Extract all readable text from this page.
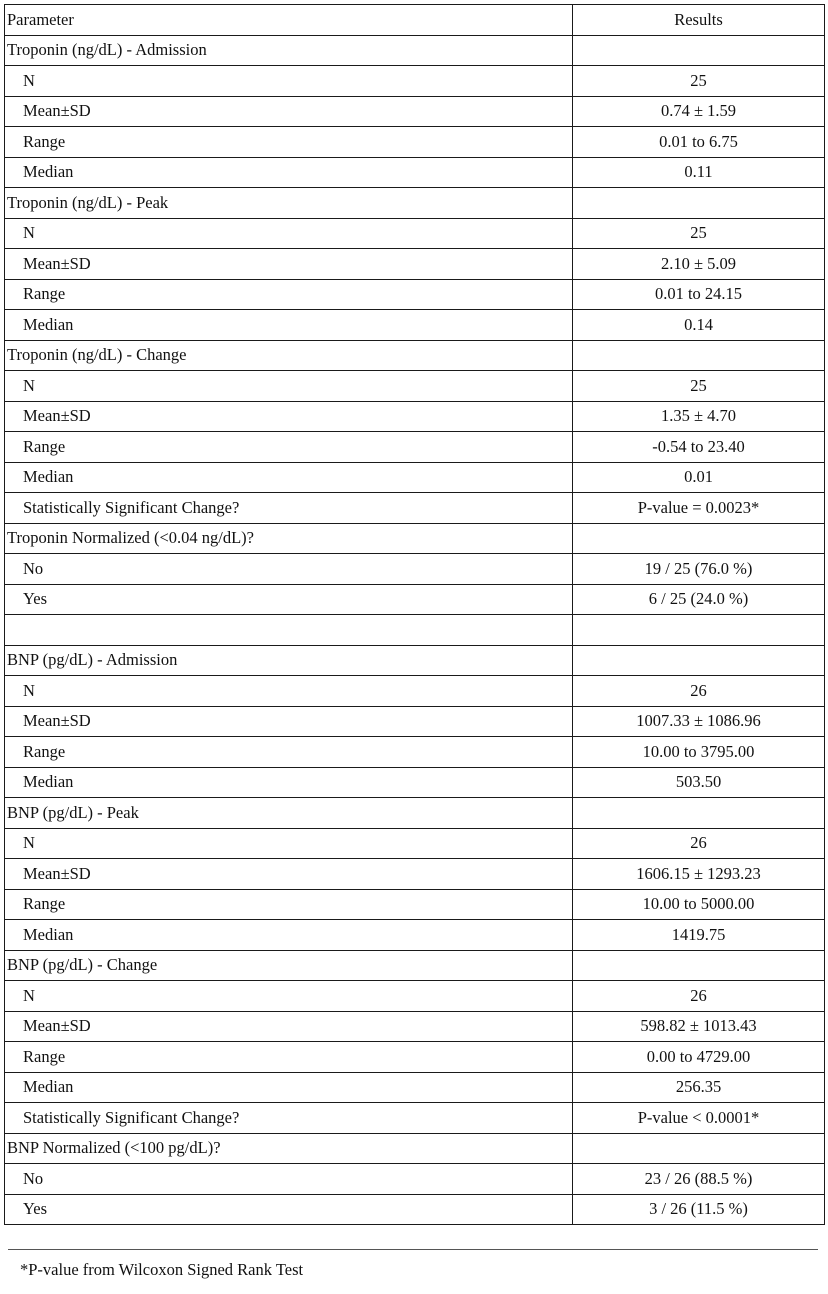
Parameter	Results
Troponin (ng/dL) - Admission	
N	25
Mean±SD	0.74 ± 1.59
Range	0.01 to 6.75
Median	0.11
Troponin (ng/dL) - Peak	
N	25
Mean±SD	2.10 ± 5.09
Range	0.01 to 24.15
Median	0.14
Troponin (ng/dL) - Change	
N	25
Mean±SD	1.35 ± 4.70
Range	-0.54 to 23.40
Median	0.01
Statistically Significant Change?	P-value = 0.0023*
Troponin Normalized (<0.04 ng/dL)?	
No	19 / 25 (76.0 %)
Yes	6 / 25 (24.0 %)

BNP (pg/dL) - Admission	
N	26
Mean±SD	1007.33 ± 1086.96
Range	10.00 to 3795.00
Median	503.50
BNP (pg/dL) - Peak	
N	26
Mean±SD	1606.15 ± 1293.23
Range	10.00 to 5000.00
Median	1419.75
BNP (pg/dL) - Change	
N	26
Mean±SD	598.82 ± 1013.43
Range	0.00 to 4729.00
Median	256.35
Statistically Significant Change?	P-value < 0.0001*
BNP Normalized (<100 pg/dL)?	
No	23 / 26 (88.5 %)
Yes	3 / 26 (11.5 %)
*P-value from Wilcoxon Signed Rank Test
